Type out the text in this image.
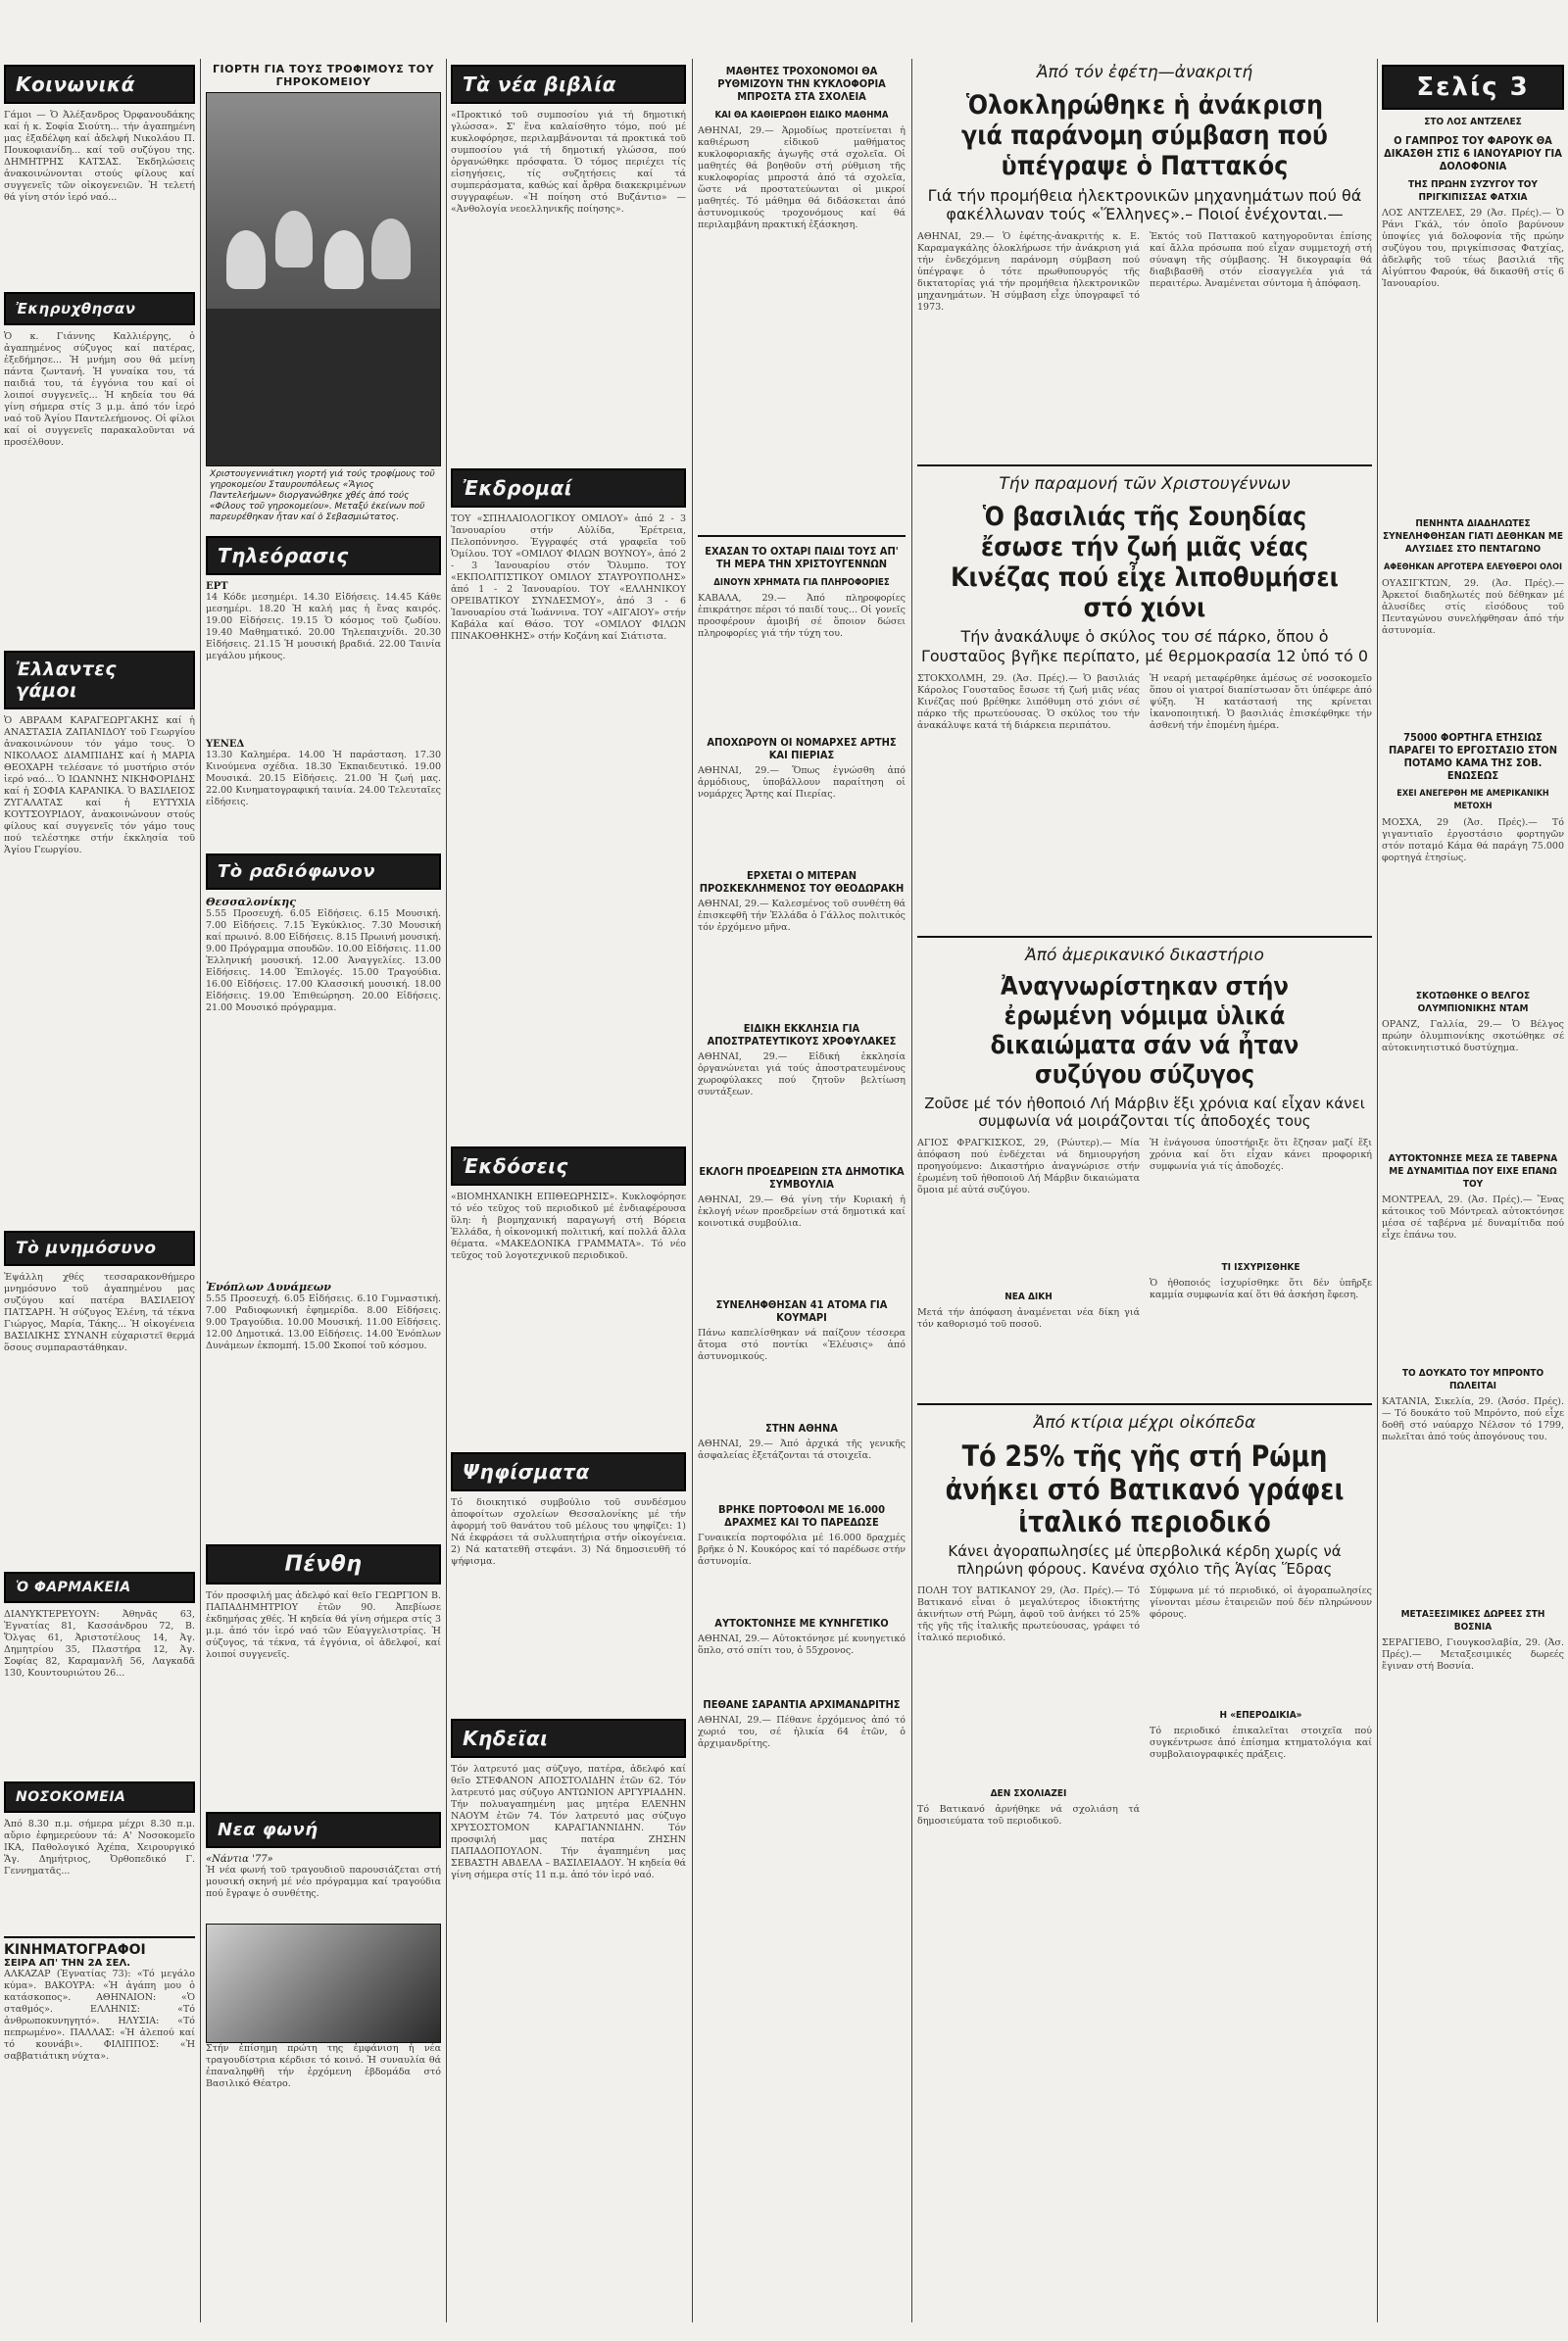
Κοινωνικά
Γάμοι — Ὁ Ἀλέξανδρος Ὀρφανουδάκης καί ἡ κ. Σοφία Σιούτη... τήν ἀγαπημένη μας ἐξαδέλφη καί ἀδελφή Νικολάου Π. Πουκοφιανίδη... καί τοῦ συζύγου της. ΔΗΜΗΤΡΗΣ ΚΑΤΣΑΣ. Ἐκδηλώσεις ἀνακοινώνονται στούς φίλους καί συγγενεῖς τῶν οἰκογενειῶν. Ἡ τελετή θά γίνη στόν ἱερό ναό...
Ἐκηρυχθησαν
Ὁ κ. Γιάννης Καλλιέργης, ὁ ἀγαπημένος σύζυγος καί πατέρας, ἐξεδήμησε... Ἡ μνήμη σου θά μείνη πάντα ζωντανή. Ἡ γυναίκα του, τά παιδιά του, τά ἐγγόνια του καί οἱ λοιποί συγγενεῖς... Ἡ κηδεία του θά γίνη σήμερα στίς 3 μ.μ. ἀπό τόν ἱερό ναό τοῦ Ἁγίου Παντελεήμονος. Οἱ φίλοι καί οἱ συγγενεῖς παρακαλοῦνται νά προσέλθουν.
Ἐλλαντες γάμοι
Ὁ ΑΒΡΑΑΜ ΚΑΡΑΓΕΩΡΓΑΚΗΣ καί ἡ ΑΝΑΣΤΑΣΙΑ ΖΑΠΑΝΙΔΟΥ τοῦ Γεωργίου ἀνακοινώνουν τόν γάμο τους. Ὁ ΝΙΚΟΛΑΟΣ ΔΙΑΜΠΙΔΗΣ καί ἡ ΜΑΡΙΑ ΘΕΟΧΑΡΗ τελέσανε τό μυστήριο στόν ἱερό ναό... Ὁ ΙΩΑΝΝΗΣ ΝΙΚΗΦΟΡΙΔΗΣ καί ἡ ΣΟΦΙΑ ΚΑΡΑΝΙΚΑ. Ὁ ΒΑΣΙΛΕΙΟΣ ΖΥΓΑΛΑΤΑΣ καί ἡ ΕΥΤΥΧΙΑ ΚΟΥΤΣΟΥΡΙΔΟΥ, ἀνακοινώνουν στούς φίλους καί συγγενεῖς τόν γάμο τους πού τελέστηκε στήν ἐκκλησία τοῦ Ἁγίου Γεωργίου.
Τὸ μνημόσυνο
Ἐψάλλη χθές τεσσαρακονθήμερο μνημόσυνο τοῦ ἀγαπημένου μας συζύγου καί πατέρα ΒΑΣΙΛΕΙΟΥ ΠΑΤΣΑΡΗ. Ἡ σύζυγος Ἑλένη, τά τέκνα Γιώργος, Μαρία, Τάκης... Ἡ οἰκογένεια ΒΑΣΙΛΙΚΗΣ ΣΥΝΑΝΗ εὐχαριστεῖ θερμά ὅσους συμπαραστάθηκαν.
Ὁ ΦΑΡΜΑΚΕΙΑ
ΔΙΑΝΥΚΤΕΡΕΥΟΥΝ: Ἀθηνᾶς 63, Ἐγνατίας 81, Κασσάνδρου 72, Β. Ὄλγας 61, Ἀριστοτέλους 14, Ἀγ. Δημητρίου 35, Πλαστήρα 12, Ἀγ. Σοφίας 82, Καραμανλῆ 56, Λαγκαδᾶ 130, Κουντουριώτου 26...
ΝΟΣΟΚΟΜΕΙΑ
Ἀπό 8.30 π.μ. σήμερα μέχρι 8.30 π.μ. αὔριο ἐφημερεύουν τά: Α' Νοσοκομεῖο ΙΚΑ, Παθολογικό Ἀχέπα, Χειρουργικό Ἅγ. Δημήτριος, Ὀρθοπεδικό Γ. Γεννηματᾶς...
ΚΙΝΗΜΑΤΟΓΡΑΦΟΙ
ΣΕΙΡΑ ΑΠ' ΤΗΝ 2Α ΣΕΛ.
ΑΛΚΑΖΑΡ (Ἐγνατίας 73): «Τό μεγάλο κύμα». ΒΑΚΟΥΡΑ: «Ἡ ἀγάπη μου ὁ κατάσκοπος». ΑΘΗΝΑΙΟΝ: «Ὁ σταθμός». ΕΛΛΗΝΙΣ: «Τό ἀνθρωποκυνηγητό». ΗΛΥΣΙΑ: «Τό πεπρωμένο». ΠΑΛΛΑΣ: «Ἡ ἀλεπού καί τό κουνάβι». ΦΙΛΙΠΠΟΣ: «Ἡ σαββατιάτικη νύχτα».
ΓΙΟΡΤΗ ΓΙΑ ΤΟΥΣ ΤΡΟΦΙΜΟΥΣ ΤΟΥ ΓΗΡΟΚΟΜΕΙΟΥ
Χριστουγεννιάτικη γιορτή γιά τούς τροφίμους τοῦ γηροκομείου Σταυρουπόλεως «Ἅγιος Παντελεήμων» διοργανώθηκε χθές ἀπό τούς «Φίλους τοῦ γηροκομείου». Μεταξύ ἐκείνων ποὔ παρευρέθηκαν ἦταν καί ὁ Σεβασμιώτατος.
Τηλεόρασις
ΕΡΤ
14 Κόδε μεσημέρι. 14.30 Εἰδήσεις. 14.45 Κάθε μεσημέρι. 18.20 Ἡ καλή μας ἡ ἔνας καιρός. 19.00 Εἰδήσεις. 19.15 Ὁ κόσμος τοῦ ζωδίου. 19.40 Μαθηματικό. 20.00 Τηλεπαιχνίδι. 20.30 Εἰδήσεις. 21.15 Ἡ μουσική βραδιά. 22.00 Ταινία μεγάλου μήκους.
ΥΕΝΕΔ
13.30 Καλημέρα. 14.00 Ἡ παράσταση. 17.30 Κινούμενα σχέδια. 18.30 Ἐκπαιδευτικό. 19.00 Μουσικά. 20.15 Εἰδήσεις. 21.00 Ἡ ζωή μας. 22.00 Κινηματογραφική ταινία. 24.00 Τελευταῖες εἰδήσεις.
Τὸ ραδιόφωνον
Θεσσαλονίκης
5.55 Προσευχή. 6.05 Εἰδήσεις. 6.15 Μουσική. 7.00 Εἰδήσεις. 7.15 Ἐγκύκλιος. 7.30 Μουσική καί πρωινό. 8.00 Εἰδήσεις. 8.15 Πρωινή μουσική. 9.00 Πρόγραμμα σπουδῶν. 10.00 Εἰδήσεις. 11.00 Ἐλληνική μουσική. 12.00 Ἀναγγελίες. 13.00 Εἰδήσεις. 14.00 Ἐπιλογές. 15.00 Τραγούδια. 16.00 Εἰδήσεις. 17.00 Κλασσική μουσική. 18.00 Εἰδήσεις. 19.00 Ἐπιθεώρηση. 20.00 Εἰδήσεις. 21.00 Μουσικό πρόγραμμα.
Ἐνόπλων Δυνάμεων
5.55 Προσευχή. 6.05 Εἰδήσεις. 6.10 Γυμναστική. 7.00 Ραδιοφωνική ἐφημερίδα. 8.00 Εἰδήσεις. 9.00 Τραγούδια. 10.00 Μουσική. 11.00 Εἰδήσεις. 12.00 Δημοτικά. 13.00 Εἰδήσεις. 14.00 Ἐνόπλων Δυνάμεων ἐκπομπή. 15.00 Σκοποί τοῦ κόσμου.
Πένθη
Τόν προσφιλή μας ἀδελφό καί θεῖο ΓΕΩΡΓΙΟΝ Β. ΠΑΠΑΔΗΜΗΤΡΙΟΥ ἐτῶν 90. Ἀπεβίωσε ἐκδημήσας χθές. Ἡ κηδεία θά γίνη σήμερα στίς 3 μ.μ. ἀπό τόν ἱερό ναό τῶν Εὐαγγελιστρίας. Ἡ σύζυγος, τά τέκνα, τά ἐγγόνια, οἱ ἀδελφοί, καί λοιποί συγγενεῖς.
Νεα φωνή
«Νάντια '77»
Ἡ νέα φωνή τοῦ τραγουδιοῦ παρουσιάζεται στή μουσική σκηνή μέ νέο πρόγραμμα καί τραγούδια πού ἔγραψε ὁ συνθέτης.
Στήν ἐπίσημη πρώτη της ἐμφάνιση ἡ νέα τραγουδίστρια κέρδισε τό κοινό. Ἡ συναυλία θά ἐπαναληφθῆ τήν ἐρχόμενη ἑβδομάδα στό Βασιλικό Θέατρο.
Τὰ νέα βιβλία
«Προκτικό τοῦ συμποσίου γιά τή δημοτική γλώσσα». Σ' ἕνα καλαίσθητο τόμο, πού μέ κυκλοφόρησε, περιλαμβάνονται τά προκτικά τοῦ συμποσίου γιά τή δημοτική γλώσσα, πού ὀργανώθηκε πρόσφατα. Ὁ τόμος περιέχει τίς εἰσηγήσεις, τίς συζητήσεις καί τά συμπεράσματα, καθώς καί ἄρθρα διακεκριμένων συγγραφέων. «Ἡ ποίηση στό Βυζάντιο» — «Ἀνθολογία νεοελληνικῆς ποίησης».
Ἐκδρομαί
ΤΟΥ «ΣΠΗΛΑΙΟΛΟΓΙΚΟΥ ΟΜΙΛΟΥ» ἀπό 2 - 3 Ἰανουαρίου στήν Αὐλίδα, Ἐρέτρεια, Πελοπόννησο. Ἐγγραφές στά γραφεῖα τοῦ Ὁμίλου. ΤΟΥ «ΟΜΙΛΟΥ ΦΙΛΩΝ ΒΟΥΝΟΥ», ἀπό 2 - 3 Ἰανουαρίου στόν Ὄλυμπο. ΤΟΥ «ΕΚΠΟΛΙΤΙΣΤΙΚΟΥ ΟΜΙΛΟΥ ΣΤΑΥΡΟΥΠΟΛΗΣ» ἀπό 1 - 2 Ἰανουαρίου. ΤΟΥ «ΕΛΛΗΝΙΚΟΥ ΟΡΕΙΒΑΤΙΚΟΥ ΣΥΝΔΕΣΜΟΥ», ἀπό 3 - 6 Ἰανουαρίου στά Ἰωάννινα. ΤΟΥ «ΑΙΓΑΙΟΥ» στήν Καβάλα καί Θάσο. ΤΟΥ «ΟΜΙΛΟΥ ΦΙΛΩΝ ΠΙΝΑΚΟΘΗΚΗΣ» στήν Κοζάνη καί Σιάτιστα.
Ἐκδόσεις
«ΒΙΟΜΗΧΑΝΙΚΗ ΕΠΙΘΕΩΡΗΣΙΣ». Κυκλοφόρησε τό νέο τεῦχος τοῦ περιοδικοῦ μέ ἐνδιαφέρουσα ὕλη: ἡ βιομηχανική παραγωγή στή Βόρεια Ἑλλάδα, ἡ οἰκονομική πολιτική, καί πολλά ἄλλα θέματα. «ΜΑΚΕΔΟΝΙΚΑ ΓΡΑΜΜΑΤΑ». Τό νέο τεῦχος τοῦ λογοτεχνικοῦ περιοδικοῦ.
Ψηφίσματα
Τό διοικητικό συμβούλιο τοῦ συνδέσμου ἀποφοίτων σχολείων Θεσσαλονίκης μέ τήν ἀφορμή τοῦ θανάτου τοῦ μέλους του ψηφίζει: 1) Νά ἐκφράσει τά συλλυπητήρια στήν οἰκογένεια. 2) Νά κατατεθῆ στεφάνι. 3) Νά δημοσιευθῆ τό ψήφισμα.
Κηδεῖαι
Τόν λατρευτό μας σύζυγο, πατέρα, ἀδελφό καί θεῖο ΣΤΕΦΑΝΟΝ ΑΠΟΣΤΟΛΙΔΗΝ ἐτῶν 62. Τόν λατρευτό μας σύζυγο ΑΝΤΩΝΙΟΝ ΑΡΓΥΡΙΑΔΗΝ. Τήν πολυαγαπημένη μας μητέρα ΕΛΕΝΗΝ ΝΑΟΥΜ ἐτῶν 74. Τόν λατρευτό μας σύζυγο ΧΡΥΣΟΣΤΟΜΟΝ ΚΑΡΑΓΙΑΝΝΙΔΗΝ. Τόν προσφιλή μας πατέρα ΖΗΣΗΝ ΠΑΠΑΔΟΠΟΥΛΟΝ. Τήν ἀγαπημένη μας ΣΕΒΑΣΤΗ ΑΒΔΕΛΑ – ΒΑΣΙΛΕΙΑΔΟΥ. Ἡ κηδεία θά γίνη σήμερα στίς 11 π.μ. ἀπό τόν ἱερό ναό.
ΜΑΘΗΤΕΣ ΤΡΟΧΟΝΟΜΟΙ ΘΑ ΡΥΘΜΙΖΟΥΝ ΤΗΝ ΚΥΚΛΟΦΟΡΙΑ ΜΠΡΟΣΤΑ ΣΤΑ ΣΧΟΛΕΙΑ
ΚΑΙ ΘΑ ΚΑΘΙΕΡΩΘΗ ΕΙΔΙΚΟ ΜΑΘΗΜΑ
ΑΘΗΝΑΙ, 29.— Ἀρμοδίως προτείνεται ἡ καθιέρωση εἰδικοῦ μαθήματος κυκλοφοριακῆς ἀγωγῆς στά σχολεῖα. Οἱ μαθητές θά βοηθοῦν στή ρύθμιση τῆς κυκλοφορίας μπροστά ἀπό τά σχολεῖα, ὥστε νά προστατεύωνται οἱ μικροί μαθητές. Τό μάθημα θά διδάσκεται ἀπό ἀστυνομικούς τροχονόμους καί θά περιλαμβάνη πρακτική ἐξάσκηση.
ΕΧΑΣΑΝ ΤΟ ΟΧΤΑΡΙ ΠΑΙΔΙ ΤΟΥΣ ΑΠ' ΤΗ ΜΕΡΑ ΤΗΝ ΧΡΙΣΤΟΥΓΕΝΝΩΝ
ΔΙΝΟΥΝ ΧΡΗΜΑΤΑ ΓΙΑ ΠΛΗΡΟΦΟΡΙΕΣ
ΚΑΒΑΛΑ, 29.— Ἀπό πληροφορίες ἐπικράτησε πέρσι τό παιδί τους... Οἱ γονεῖς προσφέρουν ἀμοιβή σέ ὅποιον δώσει πληροφορίες γιά τήν τύχη του.
ΑΠΟΧΩΡΟΥΝ ΟΙ ΝΟΜΑΡΧΕΣ ΑΡΤΗΣ ΚΑΙ ΠΙΕΡΙΑΣ
ΑΘΗΝΑΙ, 29.— Ὅπως ἐγνώσθη ἀπό ἁρμόδιους, ὑποβάλλουν παραίτηση οἱ νομάρχες Ἄρτης καί Πιερίας.
ΕΡΧΕΤΑΙ Ο ΜΙΤΕΡΑΝ ΠΡΟΣΚΕΚΛΗΜΕΝΟΣ ΤΟΥ ΘΕΟΔΩΡΑΚΗ
ΑΘΗΝΑΙ, 29.— Καλεσμένος τοῦ συνθέτη θά ἐπισκεφθῆ τήν Ἑλλάδα ὁ Γάλλος πολιτικός τόν ἐρχόμενο μῆνα.
ΕΙΔΙΚΗ ΕΚΚΛΗΣΙΑ ΓΙΑ ΑΠΟΣΤΡΑΤΕΥΤΙΚΟΥΣ ΧΡΟΦΥΛΑΚΕΣ
ΑΘΗΝΑΙ, 29.— Εἰδική ἐκκλησία ὀργανώνεται γιά τούς ἀποστρατευμένους χωροφύλακες πού ζητοῦν βελτίωση συντάξεων.
ΕΚΛΟΓΗ ΠΡΟΕΔΡΕΙΩΝ ΣΤΑ ΔΗΜΟΤΙΚΑ ΣΥΜΒΟΥΛΙΑ
ΑΘΗΝΑΙ, 29.— Θά γίνη τήν Κυριακή ἡ ἐκλογή νέων προεδρείων στά δημοτικά καί κοινοτικά συμβούλια.
ΣΥΝΕΛΗΦΘΗΣΑΝ 41 ΑΤΟΜΑ ΓΙΑ ΚΟΥΜΑΡΙ
Πάνω καπελίσθηκαν νά παίζουν τέσσερα ἄτομα στό ποντίκι «Ἐλέυσις» ἀπό ἀστυνομικούς.
ΣΤΗΝ ΑΘΗΝΑ
ΑΘΗΝΑΙ, 29.— Ἀπό ἀρχικά τῆς γενικῆς ἀσφαλείας ἐξετάζονται τά στοιχεῖα.
ΒΡΗΚΕ ΠΟΡΤΟΦΟΛΙ ΜΕ 16.000 ΔΡΑΧΜΕΣ ΚΑΙ ΤΟ ΠΑΡΕΔΩΣΕ
Γυναικεία πορτοφόλια μέ 16.000 δραχμές βρῆκε ὁ Ν. Κουκόρος καί τό παρέδωσε στήν ἀστυνομία.
ΑΥΤΟΚΤΟΝΗΣΕ ΜΕ ΚΥΝΗΓΕΤΙΚΟ
ΑΘΗΝΑΙ, 29.— Αὐτοκτόνησε μέ κυνηγετικό ὅπλο, στό σπίτι του, ὁ 55χρονος.
ΠΕΘΑΝΕ ΣΑΡΑΝΤΙΑ ΑΡΧΙΜΑΝΔΡΙΤΗΣ
ΑΘΗΝΑΙ, 29.— Πέθανε ἐρχόμενος ἀπό τό χωριό του, σέ ἡλικία 64 ἐτῶν, ὁ ἀρχιμανδρίτης.
Ἀπό τόν ἐφέτη—ἀνακριτή
Ὁλοκληρώθηκε ἡ ἀνάκριση γιά παράνομη σύμβαση πού ὑπέγραψε ὁ Παττακός
Γιά τήν προμήθεια ἠλεκτρονικῶν μηχανημάτων πού θά φακέλλωναν τούς «Ἕλληνες».– Ποιοί ἐνέχονται.—
ΑΘΗΝΑΙ, 29.— Ὁ ἐφέτης-ἀνακριτής κ. Ε. Καραμαγκάλης ὁλοκλήρωσε τήν ἀνάκριση γιά τήν ἐνδεχόμενη παράνομη σύμβαση πού ὑπέγραψε ὁ τότε πρωθυπουργός τῆς δικτατορίας γιά τήν προμήθεια ἠλεκτρονικῶν μηχανημάτων. Ἡ σύμβαση εἶχε ὑπογραφεῖ τό 1973.
Ἐκτός τοῦ Παττακοῦ κατηγοροῦνται ἐπίσης καί ἄλλα πρόσωπα πού εἶχαν συμμετοχή στή σύναψη τῆς σύμβασης. Ἡ δικογραφία θά διαβιβασθῆ στόν εἰσαγγελέα γιά τά περαιτέρω. Ἀναμένεται σύντομα ἡ ἀπόφαση.
Τήν παραμονή τῶν Χριστουγέννων
Ὁ βασιλιάς τῆς Σουηδίας ἔσωσε τήν ζωή μιᾶς νέας Κινέζας πού εἶχε λιποθυμήσει στό χιόνι
Τήν ἀνακάλυψε ὁ σκύλος του σέ πάρκο, ὅπου ὁ Γουσταῦος βγῆκε περίπατο, μέ θερμοκρασία 12 ὑπό τό 0
ΣΤΟΚΧΟΛΜΗ, 29. (Ἀσ. Πρές).— Ὁ βασιλιάς Κάρολος Γουσταῦος ἔσωσε τή ζωή μιᾶς νέας Κινέζας πού βρέθηκε λιπόθυμη στό χιόνι σέ πάρκο τῆς πρωτεύουσας. Ὁ σκύλος του τήν ἀνακάλυψε κατά τή διάρκεια περιπάτου.
Ἡ νεαρή μεταφέρθηκε ἀμέσως σέ νοσοκομεῖο ὅπου οἱ γιατροί διαπίστωσαν ὅτι ὑπέφερε ἀπό ψύξη. Ἡ κατάστασή της κρίνεται ἱκανοποιητική. Ὁ βασιλιάς ἐπισκέφθηκε τήν ἀσθενή τήν ἑπομένη ἡμέρα.
Ἀπό ἀμερικανικό δικαστήριο
Ἀναγνωρίστηκαν στήν ἐρωμένη νόμιμα ὑλικά δικαιώματα σάν νά ἦταν συζύγου σύζυγος
Ζοῦσε μέ τόν ἠθοποιό Λή Μάρβιν ἕξι χρόνια καί εἶχαν κάνει συμφωνία νά μοιράζονται τίς ἀποδοχές τους
ΑΓΙΟΣ ΦΡΑΓΚΙΣΚΟΣ, 29, (Ρώυτερ).— Μία ἀπόφαση πού ἐνδέχεται νά δημιουργήση προηγούμενο: Δικαστήριο ἀναγνώρισε στήν ἐρωμένη τοῦ ἠθοποιοῦ Λή Μάρβιν δικαιώματα ὅμοια μέ αὐτά συζύγου.
ΝΕΑ ΔΙΚΗ
Μετά τήν ἀπόφαση ἀναμένεται νέα δίκη γιά τόν καθορισμό τοῦ ποσοῦ.
Ἡ ἐνάγουσα ὑποστήριξε ὅτι ἔζησαν μαζί ἕξι χρόνια καί ὅτι εἶχαν κάνει προφορική συμφωνία γιά τίς ἀποδοχές.
ΤΙ ΙΣΧΥΡΙΣΘΗΚΕ
Ὁ ἠθοποιός ἰσχυρίσθηκε ὅτι δέν ὑπῆρξε καμμία συμφωνία καί ὅτι θά ἀσκήση ἔφεση.
Ἀπό κτίρια μέχρι οἰκόπεδα
Τό 25% τῆς γῆς στή Ρώμη ἀνήκει στό Βατικανό γράφει ἰταλικό περιοδικό
Κάνει ἀγοραπωλησίες μέ ὑπερβολικά κέρδη χωρίς νά πληρώνη φόρους. Κανένα σχόλιο τῆς Ἁγίας Ἕδρας
ΠΟΛΗ ΤΟΥ ΒΑΤΙΚΑΝΟΥ 29, (Ἀσ. Πρές).— Τό Βατικανό εἶναι ὁ μεγαλύτερος ἰδιοκτήτης ἀκινήτων στή Ρώμη, ἀφοῦ τοῦ ἀνήκει τό 25% τῆς γῆς τῆς ἰταλικῆς πρωτεύουσας, γράφει τό ἰταλικό περιοδικό.
ΔΕΝ ΣΧΟΛΙΑΖΕΙ
Τό Βατικανό ἀρνήθηκε νά σχολιάση τά δημοσιεύματα τοῦ περιοδικοῦ.
Σύμφωνα μέ τό περιοδικό, οἱ ἀγοραπωλησίες γίνονται μέσω ἑταιρειῶν πού δέν πληρώνουν φόρους.
Η «ΕΠΕΡΟΔΙΚΙΑ»
Τό περιοδικό ἐπικαλεῖται στοιχεῖα πού συγκέντρωσε ἀπό ἐπίσημα κτηματολόγια καί συμβολαιογραφικές πράξεις.
Σελίς 3
ΣΤΟ ΛΟΣ ΑΝΤΖΕΛΕΣ
Ο ΓΑΜΠΡΟΣ ΤΟΥ ΦΑΡΟΥΚ ΘΑ ΔΙΚΑΣΘΗ ΣΤΙΣ 6 ΙΑΝΟΥΑΡΙΟΥ ΓΙΑ ΔΟΛΟΦΟΝΙΑ
ΤΗΣ ΠΡΩΗΝ ΣΥΖΥΓΟΥ ΤΟΥ ΠΡΙΓΚΙΠΙΣΣΑΣ ΦΑΤΧΙΑ
ΛΟΣ ΑΝΤΖΕΛΕΣ, 29 (Ἀσ. Πρές).— Ὁ Ράνι Γκάλ, τόν ὁποῖο βαρύνουν ὑποψίες γιά δολοφονία τῆς πρώην συζύγου του, πριγκίπισσας Φατχίας, ἀδελφῆς τοῦ τέως βασιλιά τῆς Αἰγύπτου Φαρούκ, θά δικασθῆ στίς 6 Ἰανουαρίου.
ΠΕΝΗΝΤΑ ΔΙΑΔΗΛΩΤΕΣ ΣΥΝΕΛΗΦΘΗΣΑΝ ΓΙΑΤΙ ΔΕΘΗΚΑΝ ΜΕ ΑΛΥΣΙΔΕΣ ΣΤΟ ΠΕΝΤΑΓΩΝΟ
ΑΦΕΘΗΚΑΝ ΑΡΓΟΤΕΡΑ ΕΛΕΥΘΕΡΟΙ ΟΛΟΙ
ΟΥΑΣΙΓΚΤΩΝ, 29. (Ἀσ. Πρές).— Ἀρκετοί διαδηλωτές πού δέθηκαν μέ ἀλυσίδες στίς εἰσόδους τοῦ Πενταγώνου συνελήφθησαν ἀπό τήν ἀστυνομία.
75000 ΦΟΡΤΗΓΑ ΕΤΗΣΙΩΣ ΠΑΡΑΓΕΙ ΤΟ ΕΡΓΟΣΤΑΣΙΟ ΣΤΟΝ ΠΟΤΑΜΟ ΚΑΜΑ ΤΗΣ ΣΟΒ. ΕΝΩΣΕΩΣ
ΕΧΕΙ ΑΝΕΓΕΡΘΗ ΜΕ ΑΜΕΡΙΚΑΝΙΚΗ ΜΕΤΟΧΗ
ΜΟΣΧΑ, 29 (Ἀσ. Πρές).— Τό γιγαντιαῖο ἐργοστάσιο φορτηγῶν στόν ποταμό Κάμα θά παράγη 75.000 φορτηγά ἐτησίως.
ΣΚΟΤΩΘΗΚΕ Ο ΒΕΛΓΟΣ ΟΛΥΜΠΙΟΝΙΚΗΣ ΝΤΑΜ
ΟΡΑΝΖ, Γαλλία, 29.— Ὁ Βέλγος πρώην ὀλυμπιονίκης σκοτώθηκε σέ αὐτοκινητιστικό δυστύχημα.
ΑΥΤΟΚΤΟΝΗΣΕ ΜΕΣΑ ΣΕ ΤΑΒΕΡΝΑ ΜΕ ΔΥΝΑΜΙΤΙΔΑ ΠΟΥ ΕΙΧΕ ΕΠΑΝΩ ΤΟΥ
ΜΟΝΤΡΕΑΛ, 29. (Ἀσ. Πρές).— Ἕνας κάτοικος τοῦ Μόντρεαλ αὐτοκτόνησε μέσα σέ ταβέρνα μέ δυναμίτιδα πού εἶχε ἐπάνω του.
ΤΟ ΔΟΥΚΑΤΟ ΤΟΥ ΜΠΡΟΝΤΟ ΠΩΛΕΙΤΑΙ
ΚΑΤΑΝΙΑ, Σικελία, 29. (Ἀσόσ. Πρές).— Τό δουκάτο τοῦ Μπρόντο, πού εἶχε δοθῆ στό ναύαρχο Νέλσον τό 1799, πωλεῖται ἀπό τούς ἀπογόνους του.
ΜΕΤΑΞΕΣΙΜΙΚΕΣ ΔΩΡΕΕΣ ΣΤΗ ΒΟΣΝΙΑ
ΣΕΡΑΓΙΕΒΟ, Γιουγκοσλαβία, 29. (Ἀσ. Πρές).— Μεταξεσιμικές δωρεές ἔγιναν στή Βοσνία.
